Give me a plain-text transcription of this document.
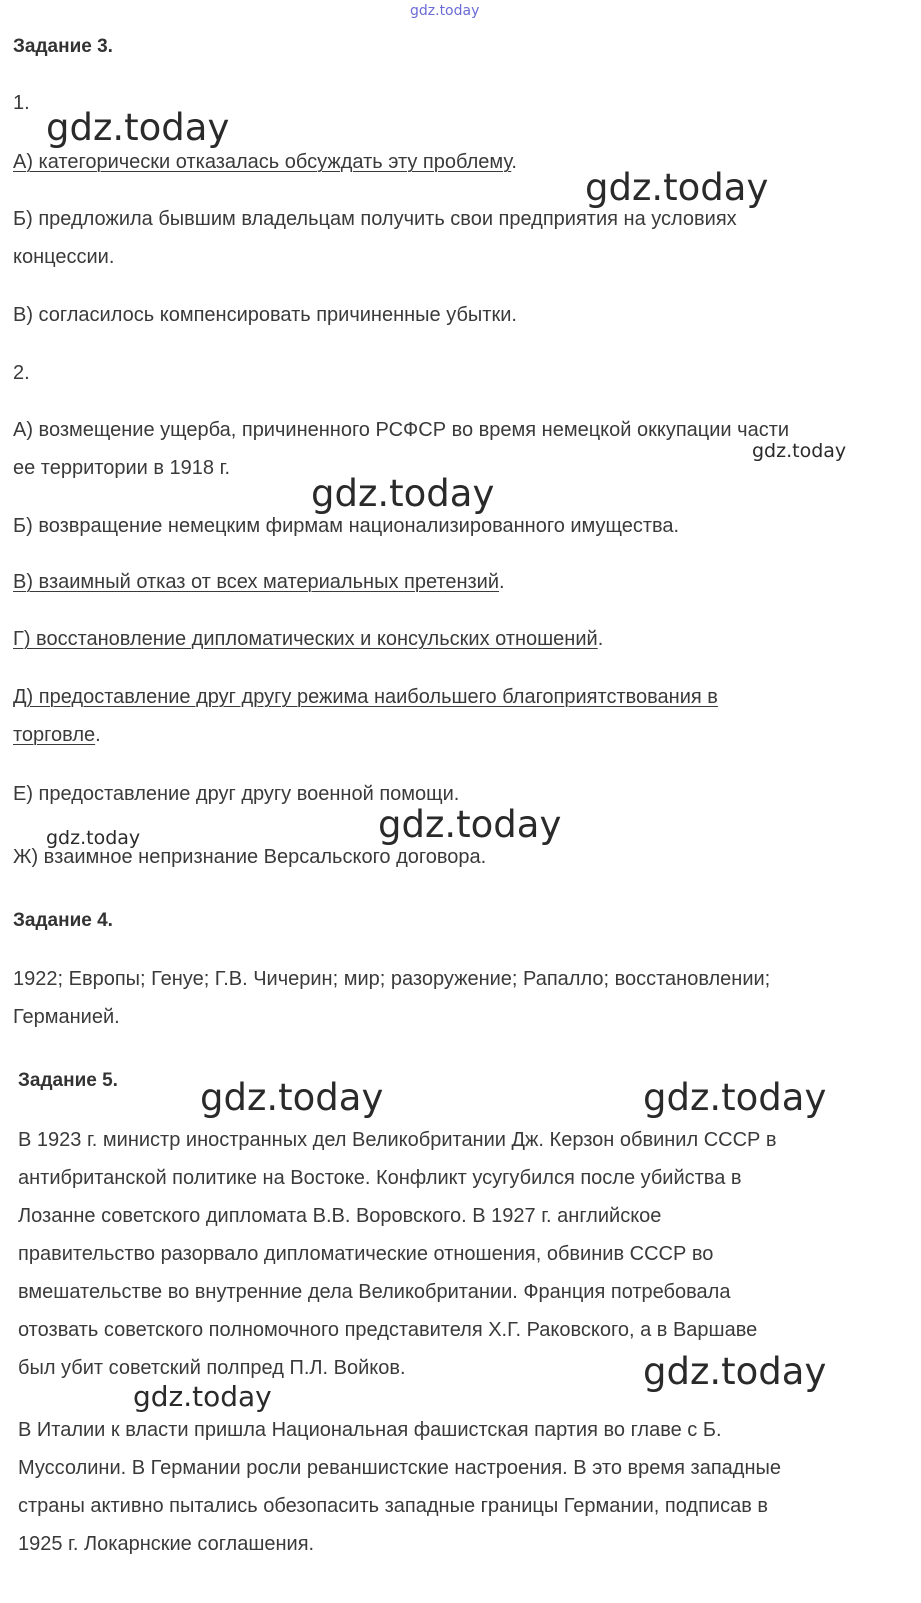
gdz.today
gdz.today
gdz.today
gdz.today
gdz.today
gdz.today	gdz.today
gdz.today	gdz.today
gdz.today
gdz.today
Задание 3.
1.
А) категорически отказалась обсуждать эту проблему.
Б) предложила бывшим владельцам получить свои предприятия на условиях
концессии.
В) согласилось компенсировать причиненные убытки.
2.
А) возмещение ущерба, причиненного РСФСР во время немецкой оккупации части
ее территории в 1918 г.
Б) возвращение немецким фирмам национализированного имущества.
В) взаимный отказ от всех материальных претензий.
Г) восстановление дипломатических и консульских отношений.
Д) предоставление друг другу режима наибольшего благоприятствования в
торговле.
Е) предоставление друг другу военной помощи.
Ж) взаимное непризнание Версальского договора.
Задание 4.
1922; Европы; Генуе; Г.В. Чичерин; мир; разоружение; Рапалло; восстановлении;
Германией.
Задание 5.
В 1923 г. министр иностранных дел Великобритании Дж. Керзон обвинил СССР в
антибританской политике на Востоке. Конфликт усугубился после убийства в
Лозанне советского дипломата В.В. Воровского. В 1927 г. английское
правительство разорвало дипломатические отношения, обвинив СССР во
вмешательстве во внутренние дела Великобритании. Франция потребовала
отозвать советского полномочного представителя Х.Г. Раковского, а в Варшаве
был убит советский полпред П.Л. Войков.
В Италии к власти пришла Национальная фашистская партия во главе с Б.
Муссолини. В Германии росли реваншистские настроения. В это время западные
страны активно пытались обезопасить западные границы Германии, подписав в
1925 г. Локарнские соглашения.
